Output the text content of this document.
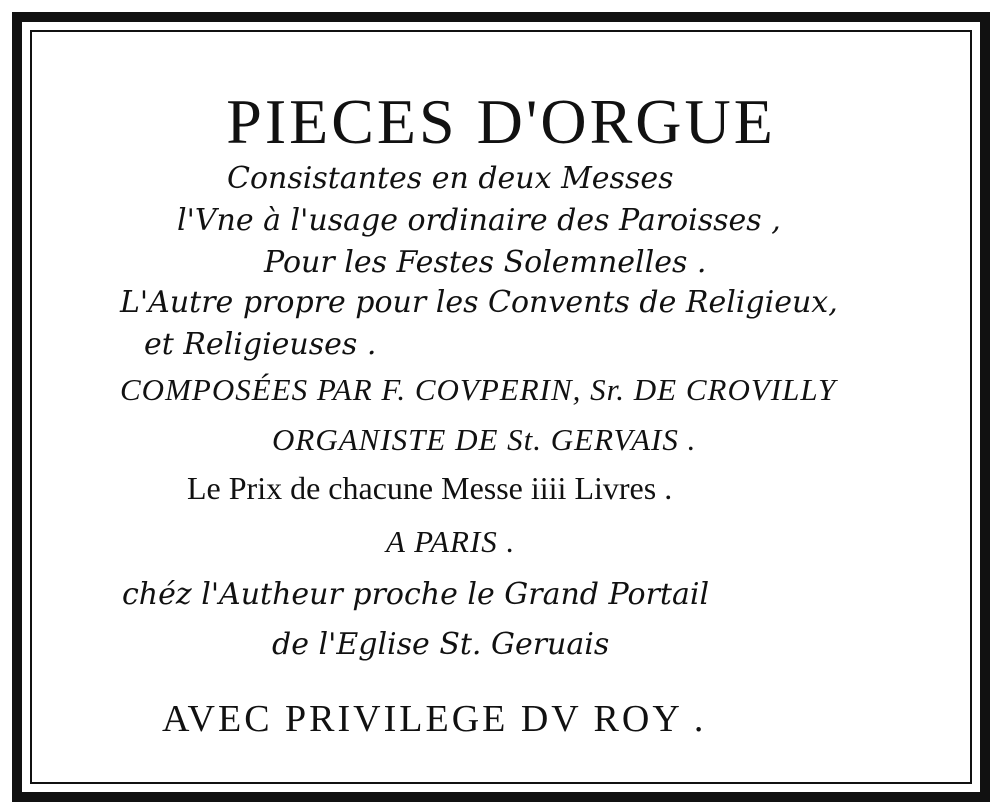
PIECES D'ORGUE
Consistantes en deux Messes
l'Vne à l'usage ordinaire des Paroisses ,
Pour les Festes Solemnelles .
L'Autre propre pour les Convents de Religieux,
et Religieuses .
COMPOSÉES PAR F. COVPERIN, Sr. DE CROVILLY
ORGANISTE DE St. GERVAIS .
Le Prix de chacune Messe iiii Livres .
A PARIS .
chéz l'Autheur proche le Grand Portail
de l'Eglise St. Geruais
AVEC PRIVILEGE DV ROY .
